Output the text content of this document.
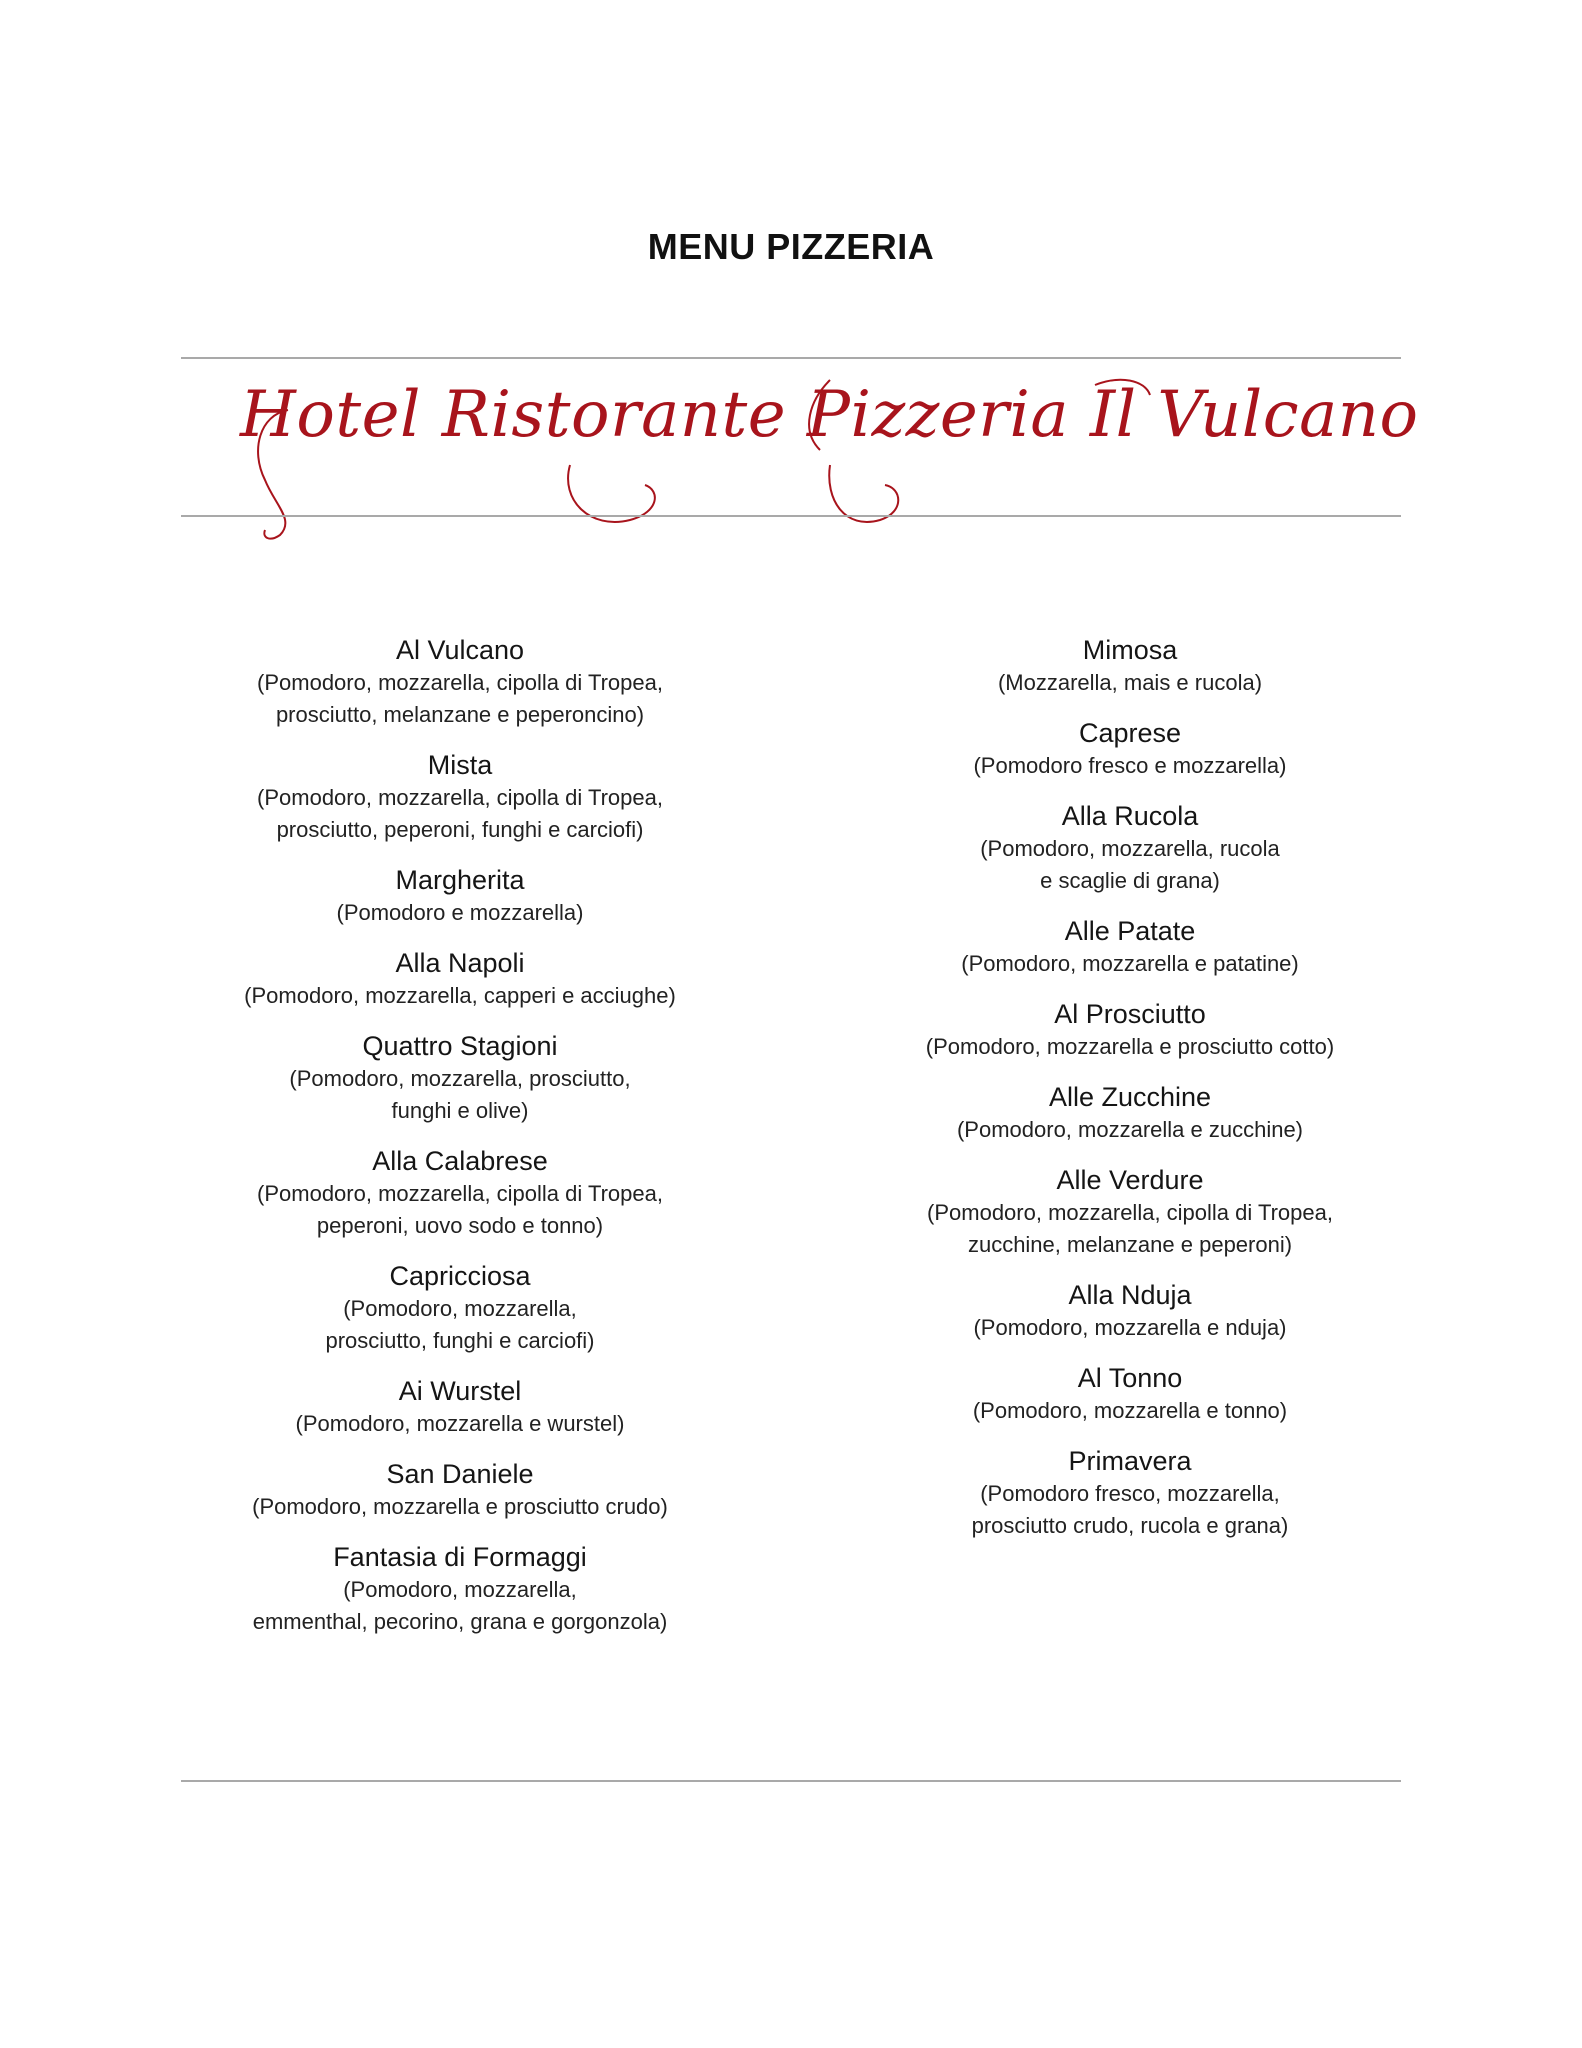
MENU PIZZERIA
Hotel Ristorante Pizzeria Il Vulcano
Al Vulcano
(Pomodoro, mozzarella, cipolla di Tropea,
prosciutto, melanzane e peperoncino)
Mista
(Pomodoro, mozzarella, cipolla di Tropea,
prosciutto, peperoni, funghi e carciofi)
Margherita
(Pomodoro e mozzarella)
Alla Napoli
(Pomodoro, mozzarella, capperi e acciughe)
Quattro Stagioni
(Pomodoro, mozzarella, prosciutto,
funghi e olive)
Alla Calabrese
(Pomodoro, mozzarella, cipolla di Tropea,
peperoni, uovo sodo e tonno)
Capricciosa
(Pomodoro, mozzarella,
prosciutto, funghi e carciofi)
Ai Wurstel
(Pomodoro, mozzarella e wurstel)
San Daniele
(Pomodoro, mozzarella e prosciutto crudo)
Fantasia di Formaggi
(Pomodoro, mozzarella,
emmenthal, pecorino, grana e gorgonzola)
Mimosa
(Mozzarella, mais e rucola)
Caprese
(Pomodoro fresco e mozzarella)
Alla Rucola
(Pomodoro, mozzarella, rucola
e scaglie di grana)
Alle Patate
(Pomodoro, mozzarella e patatine)
Al Prosciutto
(Pomodoro, mozzarella e prosciutto cotto)
Alle Zucchine
(Pomodoro, mozzarella e zucchine)
Alle Verdure
(Pomodoro, mozzarella, cipolla di Tropea,
zucchine, melanzane e peperoni)
Alla Nduja
(Pomodoro, mozzarella e nduja)
Al Tonno
(Pomodoro, mozzarella e tonno)
Primavera
(Pomodoro fresco, mozzarella,
prosciutto crudo, rucola e grana)
